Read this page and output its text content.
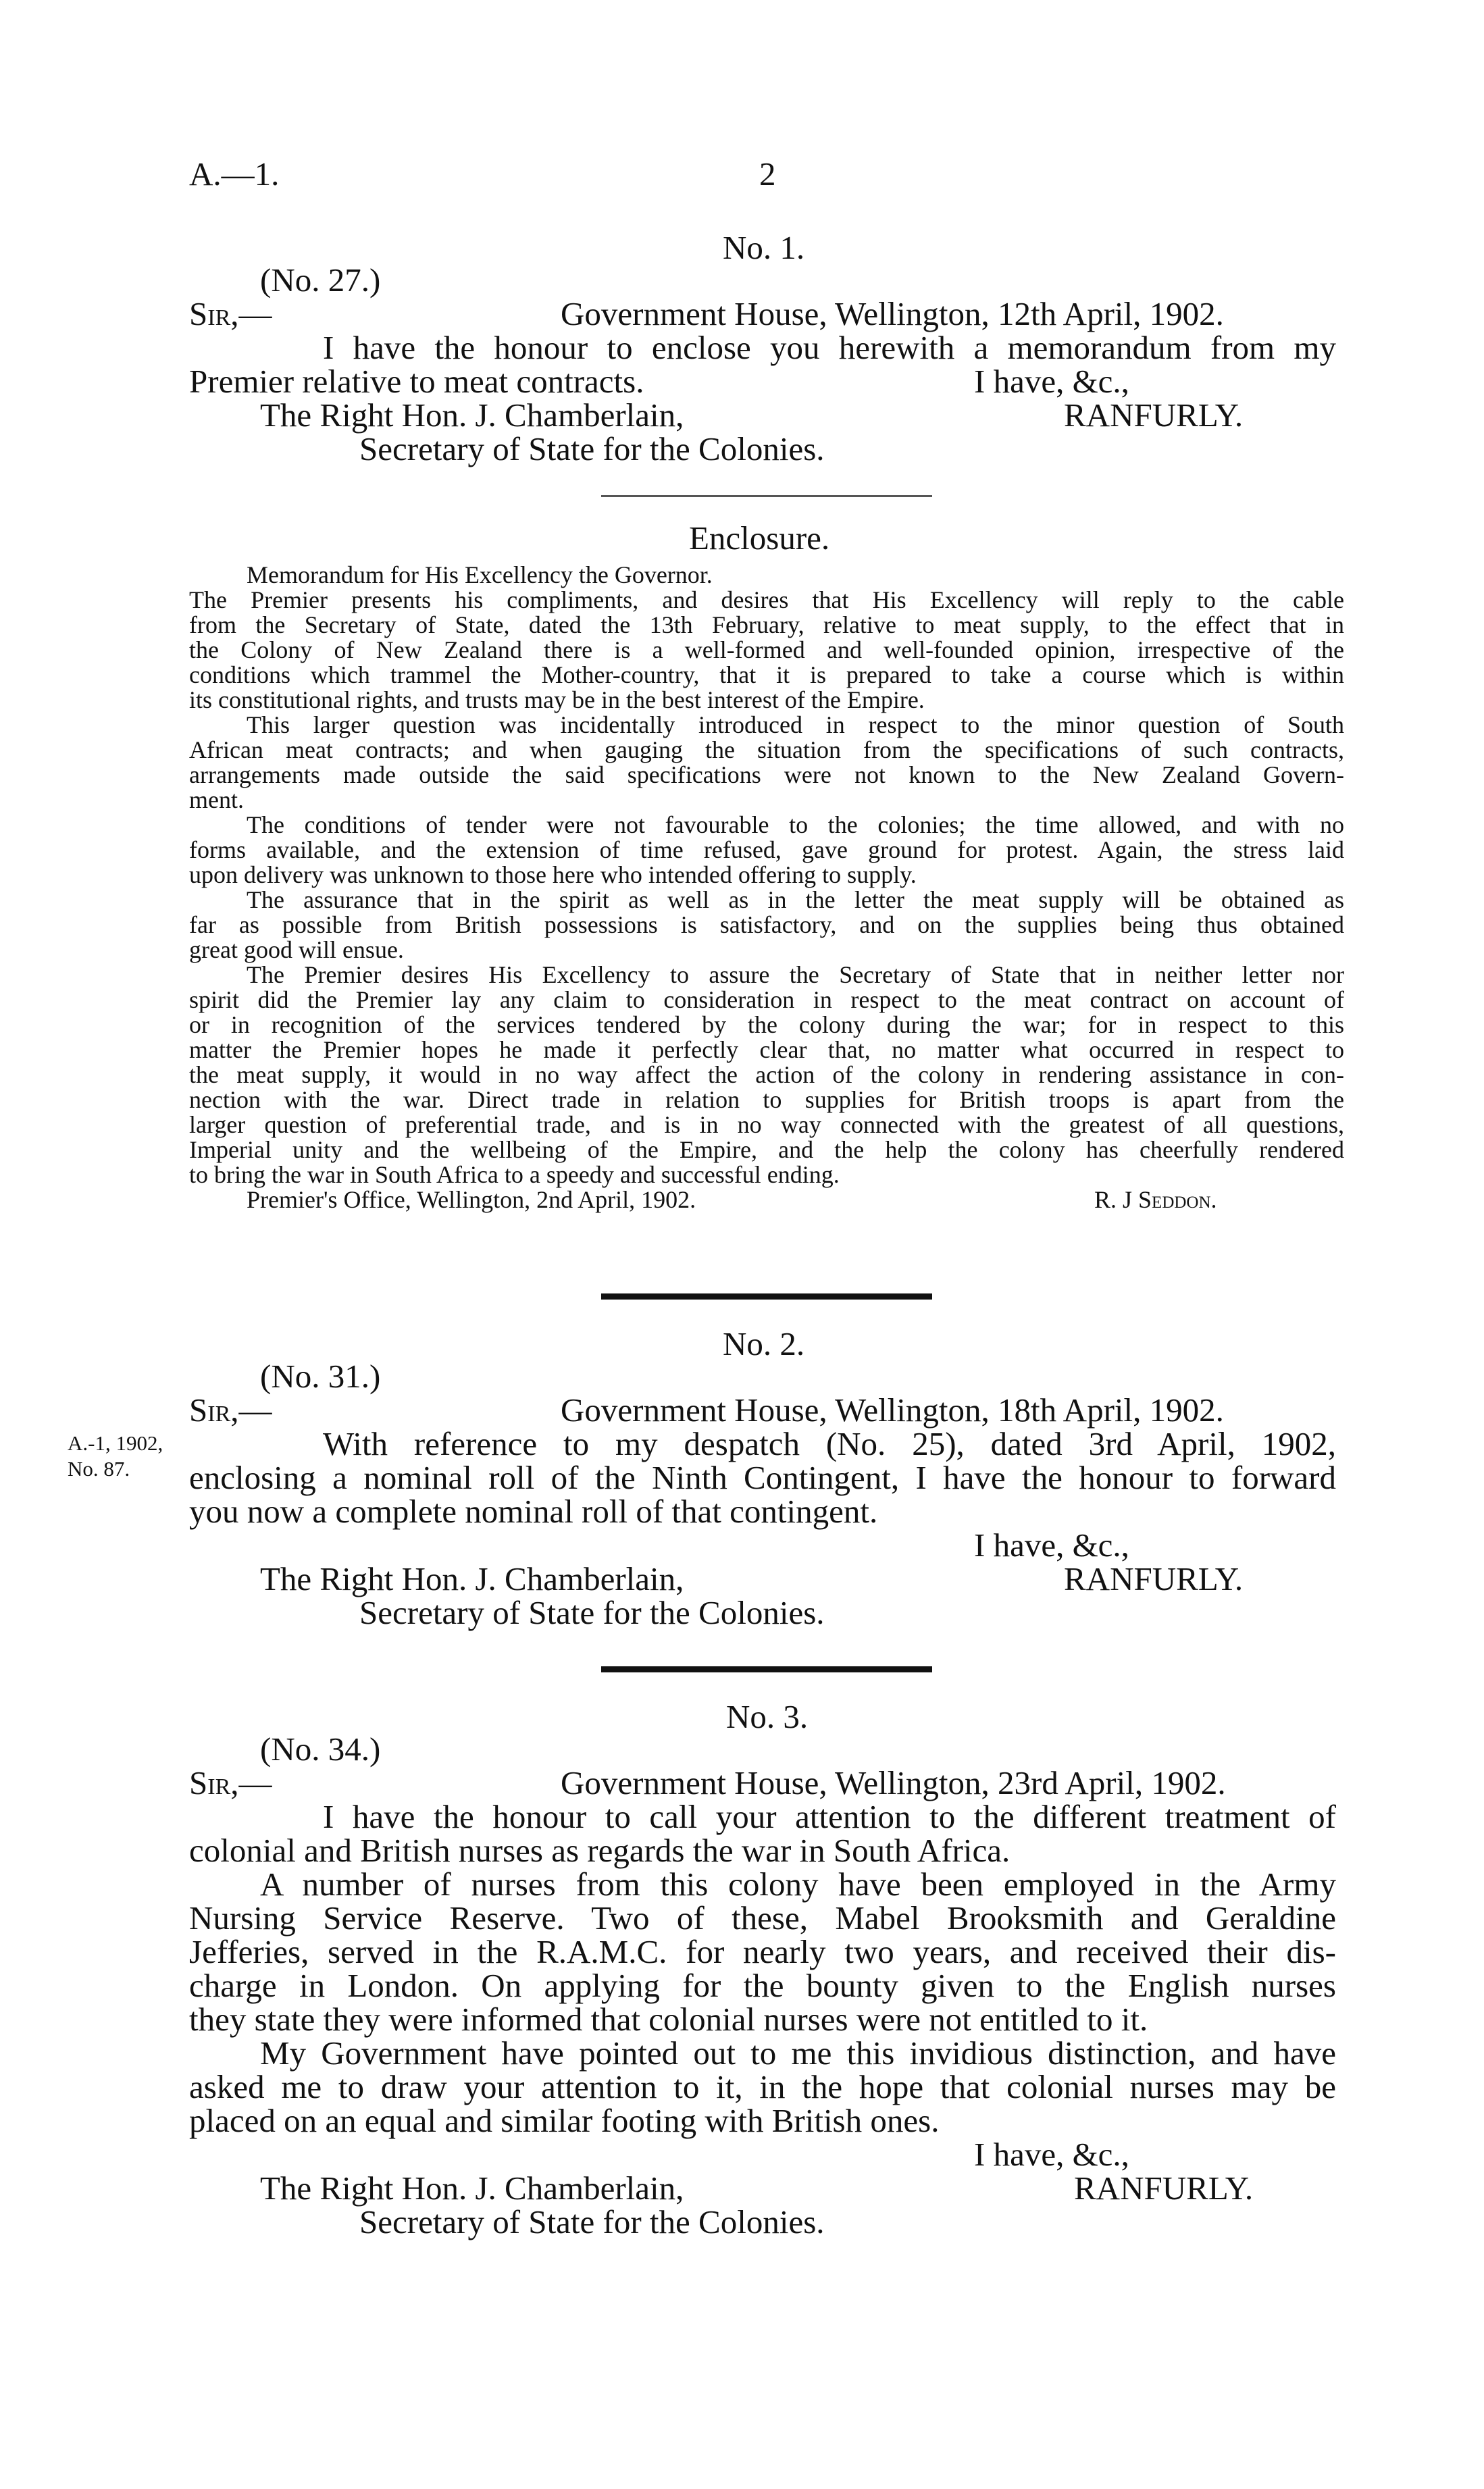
A.—1.	2
No. 1.
(No. 27.)
Sir,—	Government House, Wellington, 12th April, 1902.
I have the honour to enclose you herewith a memorandum from my
Premier relative to meat contracts.	I have, &c.,
The Right Hon. J. Chamberlain,	RANFURLY.
Secretary of State for the Colonies.
Enclosure.
Memorandum for His Excellency the Governor.
The Premier presents his compliments, and desires that His Excellency will reply to the cable
from the Secretary of State, dated the 13th February, relative to meat supply, to the effect that in
the Colony of New Zealand there is a well-formed and well-founded opinion, irrespective of the
conditions which trammel the Mother-country, that it is prepared to take a course which is within
its constitutional rights, and trusts may be in the best interest of the Empire.
This larger question was incidentally introduced in respect to the minor question of South
African meat contracts; and when gauging the situation from the specifications of such contracts,
arrangements made outside the said specifications were not known to the New Zealand Govern-
ment.
The conditions of tender were not favourable to the colonies; the time allowed, and with no
forms available, and the extension of time refused, gave ground for protest. Again, the stress laid
upon delivery was unknown to those here who intended offering to supply.
The assurance that in the spirit as well as in the letter the meat supply will be obtained as
far as possible from British possessions is satisfactory, and on the supplies being thus obtained
great good will ensue.
The Premier desires His Excellency to assure the Secretary of State that in neither letter nor
spirit did the Premier lay any claim to consideration in respect to the meat contract on account of
or in recognition of the services tendered by the colony during the war; for in respect to this
matter the Premier hopes he made it perfectly clear that, no matter what occurred in respect to
the meat supply, it would in no way affect the action of the colony in rendering assistance in con-
nection with the war. Direct trade in relation to supplies for British troops is apart from the
larger question of preferential trade, and is in no way connected with the greatest of all questions,
Imperial unity and the wellbeing of the Empire, and the help the colony has cheerfully rendered
to bring the war in South Africa to a speedy and successful ending.
Premier's Office, Wellington, 2nd April, 1902.	R. J Seddon.
No. 2.
(No. 31.)
Sir,—	Government House, Wellington, 18th April, 1902.
A.-1, 1902,
No. 87.
With reference to my despatch (No. 25), dated 3rd April, 1902,
enclosing a nominal roll of the Ninth Contingent, I have the honour to forward
you now a complete nominal roll of that contingent.
I have, &c.,
The Right Hon. J. Chamberlain,	RANFURLY.
Secretary of State for the Colonies.
No. 3.
(No. 34.)
Sir,—	Government House, Wellington, 23rd April, 1902.
I have the honour to call your attention to the different treatment of
colonial and British nurses as regards the war in South Africa.
A number of nurses from this colony have been employed in the Army
Nursing Service Reserve. Two of these, Mabel Brooksmith and Geraldine
Jefferies, served in the R.A.M.C. for nearly two years, and received their dis-
charge in London. On applying for the bounty given to the English nurses
they state they were informed that colonial nurses were not entitled to it.
My Government have pointed out to me this invidious distinction, and have
asked me to draw your attention to it, in the hope that colonial nurses may be
placed on an equal and similar footing with British ones.
I have, &c.,
The Right Hon. J. Chamberlain,	RANFURLY.
Secretary of State for the Colonies.
